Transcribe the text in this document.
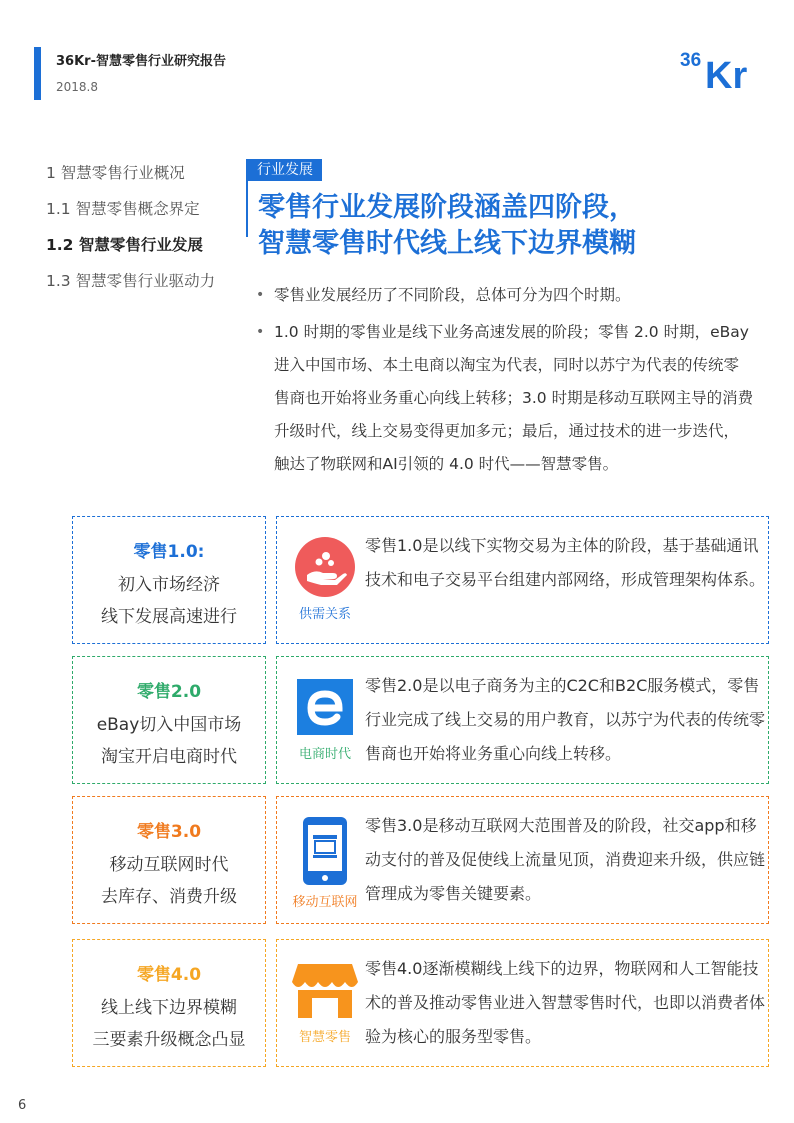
36Kr-智慧零售行业研究报告
2018.8
36 Kr
1 智慧零售行业概况
1.1 智慧零售概念界定
1.2 智慧零售行业发展
1.3 智慧零售行业驱动力
行业发展
零售行业发展阶段涵盖四阶段，
智慧零售时代线上线下边界模糊
• 零售业发展经历了不同阶段，总体可分为四个时期。
• 1.0 时期的零售业是线下业务高速发展的阶段；零售 2.0 时期，eBay 进入中国市场、本土电商以淘宝为代表，同时以苏宁为代表的传统零售商也开始将业务重心向线上转移；3.0 时期是移动互联网主导的消费升级时代，线上交易变得更加多元；最后，通过技术的进一步迭代，触达了物联网和AI引领的 4.0 时代——智慧零售。
零售1.0:
初入市场经济
线下发展高速进行	供需关系
零售1.0是以线下实物交易为主体的阶段，基于基础通讯技术和电子交易平台组建内部网络，形成管理架构体系。
零售2.0
eBay切入中国市场
淘宝开启电商时代	电商时代
零售2.0是以电子商务为主的C2C和B2C服务模式，零售行业完成了线上交易的用户教育，以苏宁为代表的传统零售商也开始将业务重心向线上转移。
零售3.0
移动互联网时代
去库存、消费升级	移动互联网
零售3.0是移动互联网大范围普及的阶段，社交app和移动支付的普及促使线上流量见顶，消费迎来升级，供应链管理成为零售关键要素。
零售4.0
线上线下边界模糊
三要素升级概念凸显	智慧零售
零售4.0逐渐模糊线上线下的边界，物联网和人工智能技术的普及推动零售业进入智慧零售时代，也即以消费者体验为核心的服务型零售。
6
